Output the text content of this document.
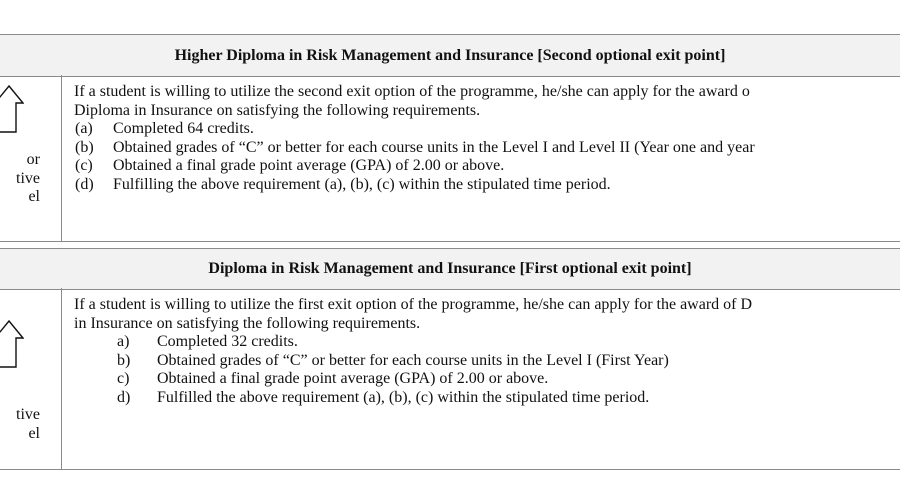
Higher Diploma in Risk Management and Insurance [Second optional exit point]
or
tive
el
If a student is willing to utilize the second exit option of the programme, he/she can apply for the award o
Diploma in Insurance on satisfying the following requirements.
(a)	Completed 64 credits.
(b)	Obtained grades of “C” or better for each course units in the Level I and Level II (Year one and year
(c)	Obtained a final grade point average (GPA) of 2.00 or above.
(d)	Fulfilling the above requirement (a), (b), (c) within the stipulated time period.
Diploma in Risk Management and Insurance [First optional exit point]
tive
el
If a student is willing to utilize the first exit option of the programme, he/she can apply for the award of D
in Insurance on satisfying the following requirements.
a)	Completed 32 credits.
b)	Obtained grades of “C” or better for each course units in the Level I (First Year)
c)	Obtained a final grade point average (GPA) of 2.00 or above.
d)	Fulfilled the above requirement (a), (b), (c) within the stipulated time period.
